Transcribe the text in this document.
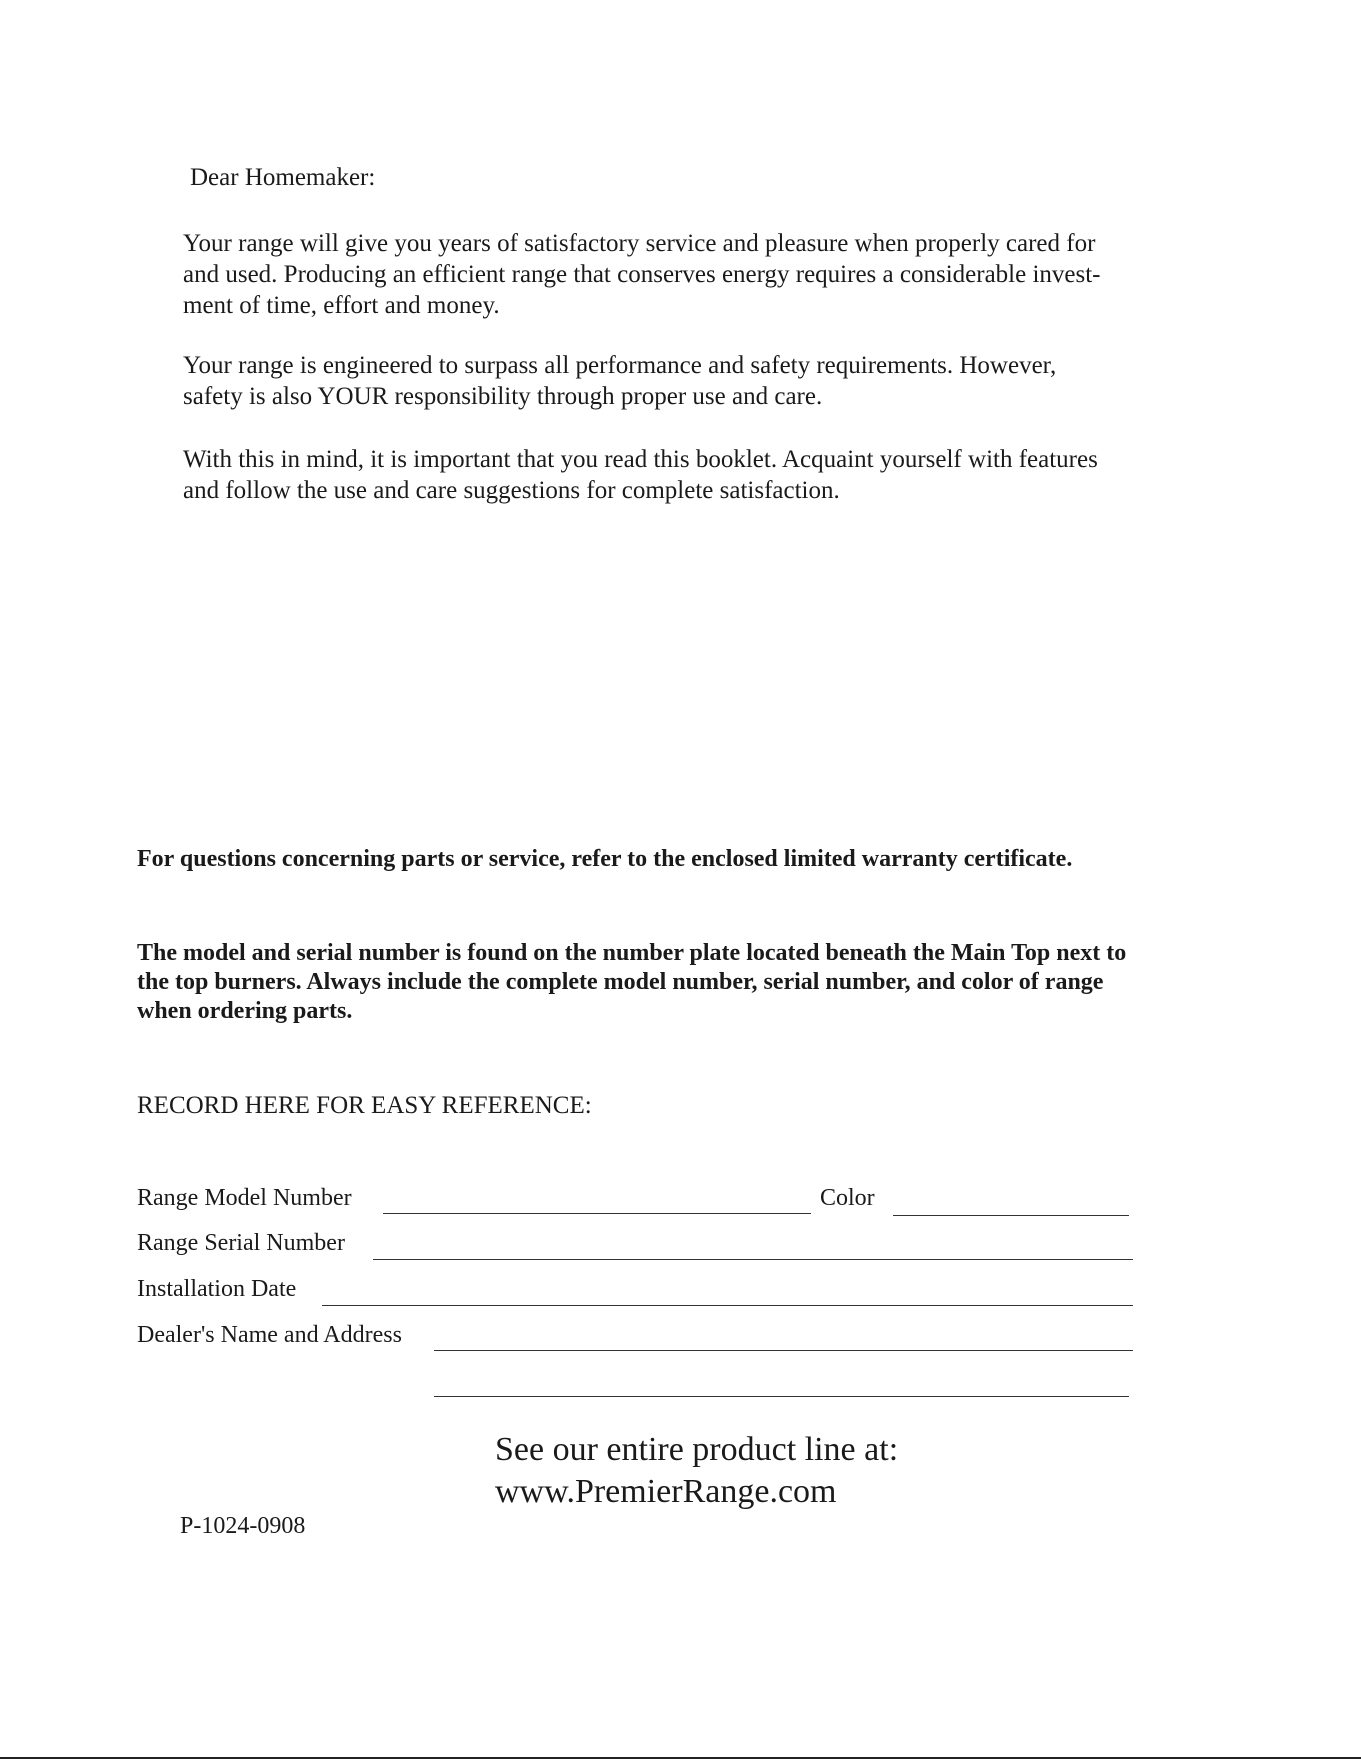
Dear Homemaker:
Your range will give you years of satisfactory service and pleasure when properly cared for
and used. Producing an efficient range that conserves energy requires a considerable invest-
ment of time, effort and money.
Your range is engineered to surpass all performance and safety requirements. However,
safety is also YOUR responsibility through proper use and care.
With this in mind, it is important that you read this booklet. Acquaint yourself with features
and follow the use and care suggestions for complete satisfaction.
For questions concerning parts or service, refer to the enclosed limited warranty certificate.
The model and serial number is found on the number plate located beneath the Main Top next to
the top burners. Always include the complete model number, serial number, and color of range
when ordering parts.
RECORD HERE FOR EASY REFERENCE:
Range Model Number	Color
Range Serial Number
Installation Date
Dealer's Name and Address
See our entire product line at:
www.PremierRange.com
P-1024-0908
